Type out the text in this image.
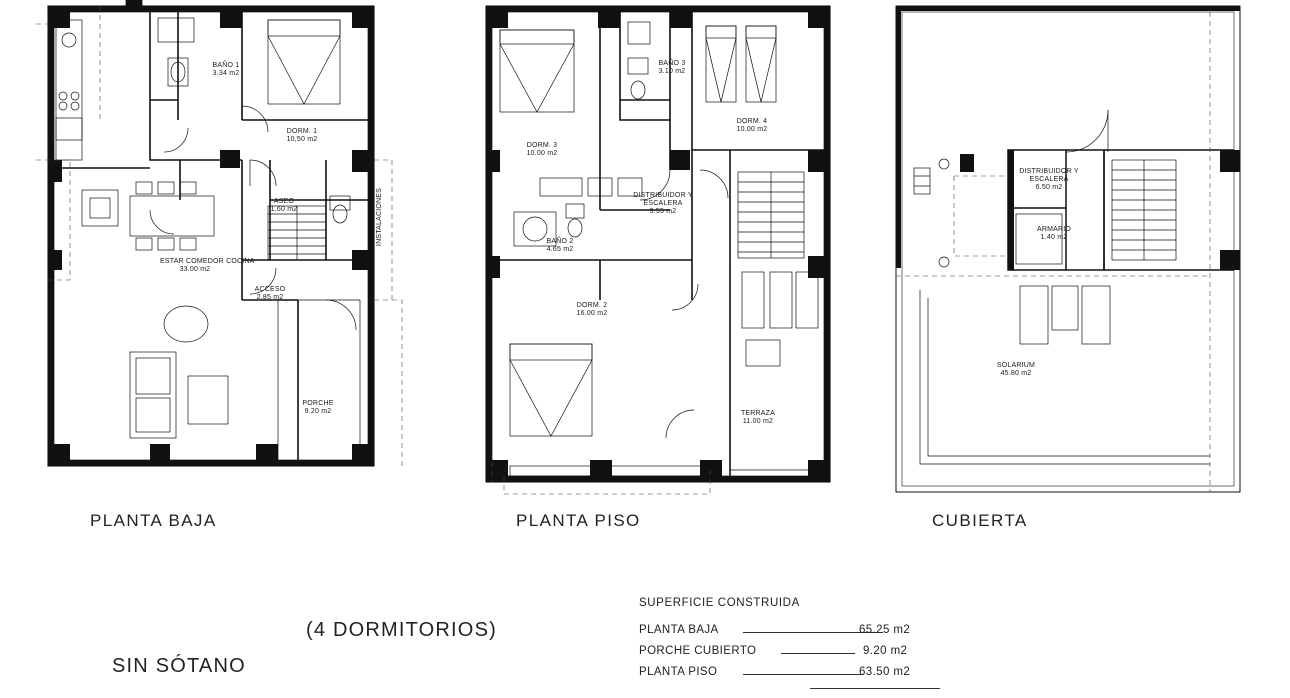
BAÑO 1
3.34 m2
DORM. 1
10,50 m2
ASEO
1.60 m2
ESTAR COMEDOR COCINA
33.00 m2
ACCESO
2.85 m2
PORCHE
9.20 m2
INSTALACIONES
BAÑO 3
3.10 m2
DORM. 4
10.00 m2
DORM. 3
10.00 m2
DISTRIBUIDOR Y ESCALERA
9.55 m2
BAÑO 2
4.65 m2
DORM. 2
16.00 m2
TERRAZA
11.00 m2
DISTRIBUIDOR Y ESCALERA
6.50 m2
ARMARIO
1.40 m2
SOLARIUM
45.80 m2
PLANTA BAJA	PLANTA PISO	CUBIERTA
(4 DORMITORIOS)
SIN SÓTANO
SUPERFICIE CONSTRUIDA
PLANTA BAJA	65.25 m2
PORCHE CUBIERTO	9.20 m2
PLANTA PISO	63.50 m2
